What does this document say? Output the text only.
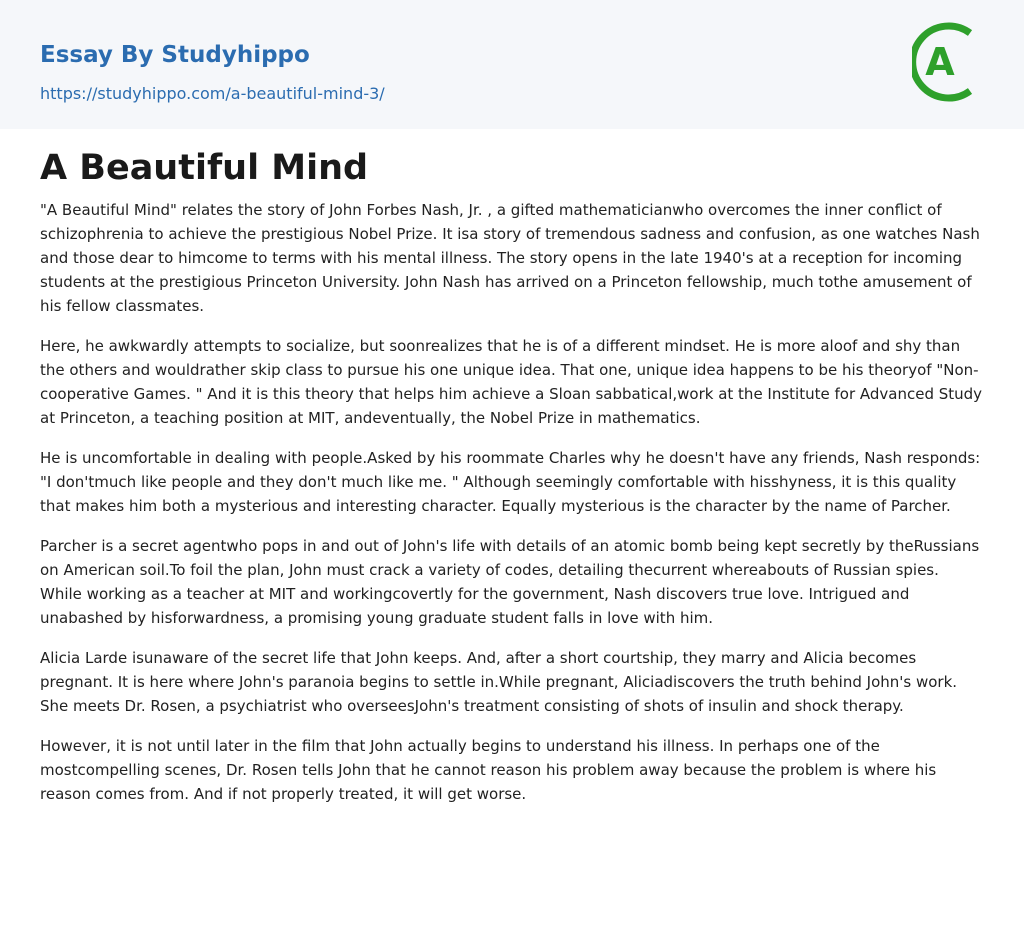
Essay By Studyhippo
https://studyhippo.com/a-beautiful-mind-3/
A
A Beautiful Mind

"A Beautiful Mind" relates the story of John Forbes Nash, Jr. , a gifted mathematicianwho overcomes the inner conflict of schizophrenia to achieve the prestigious Nobel Prize. It isa story of tremendous sadness and confusion, as one watches Nash and those dear to himcome to terms with his mental illness. The story opens in the late 1940's at a reception for incoming students at the prestigious Princeton University. John Nash has arrived on a Princeton fellowship, much tothe amusement of his fellow classmates.

Here, he awkwardly attempts to socialize, but soonrealizes that he is of a different mindset. He is more aloof and shy than the others and wouldrather skip class to pursue his one unique idea. That one, unique idea happens to be his theoryof "Non-cooperative Games. " And it is this theory that helps him achieve a Sloan sabbatical,work at the Institute for Advanced Study at Princeton, a teaching position at MIT, andeventually, the Nobel Prize in mathematics.

He is uncomfortable in dealing with people.Asked by his roommate Charles why he doesn't have any friends, Nash responds: "I don'tmuch like people and they don't much like me. " Although seemingly comfortable with hisshyness, it is this quality that makes him both a mysterious and interesting character. Equally mysterious is the character by the name of Parcher.

Parcher is a secret agentwho pops in and out of John's life with details of an atomic bomb being kept secretly by theRussians on American soil.To foil the plan, John must crack a variety of codes, detailing thecurrent whereabouts of Russian spies. While working as a teacher at MIT and workingcovertly for the government, Nash discovers true love. Intrigued and unabashed by hisforwardness, a promising young graduate student falls in love with him.

Alicia Larde isunaware of the secret life that John keeps. And, after a short courtship, they marry and Alicia becomes pregnant. It is here where John's paranoia begins to settle in.While pregnant, Aliciadiscovers the truth behind John's work. She meets Dr. Rosen, a psychiatrist who overseesJohn's treatment consisting of shots of insulin and shock therapy.

However, it is not until later in the film that John actually begins to understand his illness. In perhaps one of the mostcompelling scenes, Dr. Rosen tells John that he cannot reason his problem away because the problem is where his reason comes from. And if not properly treated, it will get worse.
